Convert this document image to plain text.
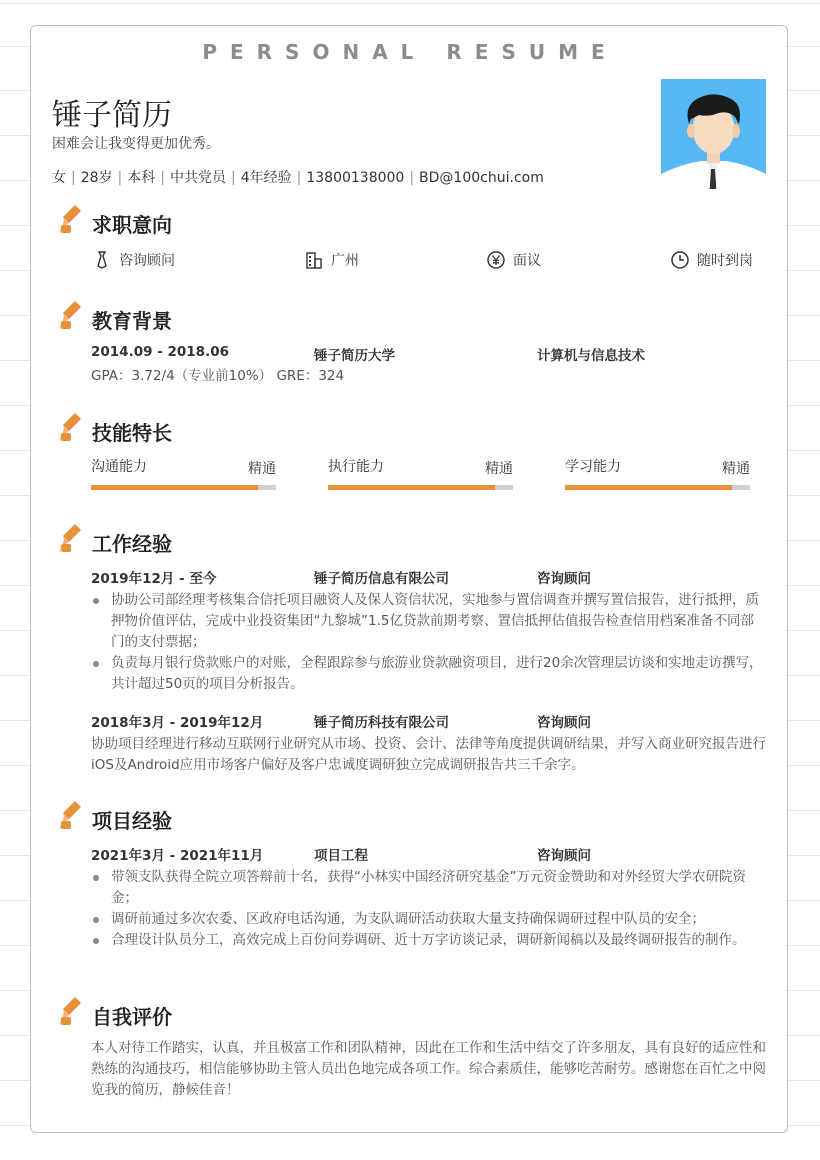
PERSONAL RESUME
锤子简历
困难会让我变得更加优秀。
女 | 28岁 | 本科 | 中共党员 | 4年经验 | 13800138000 | BD@100chui.com
求职意向
咨询顾问	广州	面议	随时到岗
教育背景
2014.09 - 2018.06	锤子简历大学	计算机与信息技术
GPA：3.72/4（专业前10%） GRE：324
技能特长
沟通能力	精通	执行能力	精通	学习能力	精通
工作经验
2019年12月 - 至今	锤子简历信息有限公司	咨询顾问
协助公司部经理考核集合信托项目融资人及保人资信状况，实地参与置信调查并撰写置信报告，进行抵押，质押物价值评估，完成中业投资集团“九黎城”1.5亿贷款前期考察、置信抵押估值报告检查信用档案准备不同部门的支付票据；
负责每月银行贷款账户的对账，全程跟踪参与旅游业贷款融资项目，进行20余次管理层访谈和实地走访撰写，共计超过50页的项目分析报告。
2018年3月 - 2019年12月	锤子简历科技有限公司	咨询顾问
协助项目经理进行移动互联网行业研究从市场、投资、会计、法律等角度提供调研结果，并写入商业研究报告进行iOS及Android应用市场客户偏好及客户忠诚度调研独立完成调研报告共三千余字。
项目经验
2021年3月 - 2021年11月	项目工程	咨询顾问
带领支队获得全院立项答辩前十名，获得“小林实中国经济研究基金”万元资金赞助和对外经贸大学农研院资金；
调研前通过多次农委、区政府电话沟通，为支队调研活动获取大量支持确保调研过程中队员的安全；
合理设计队员分工，高效完成上百份问券调研、近十万字访谈记录，调研新闻稿以及最终调研报告的制作。
自我评价
本人对待工作踏实，认真，并且极富工作和团队精神，因此在工作和生活中结交了许多朋友，具有良好的适应性和熟练的沟通技巧，相信能够协助主管人员出色地完成各项工作。综合素质佳，能够吃苦耐劳。感谢您在百忙之中阅览我的简历，静候佳音！
